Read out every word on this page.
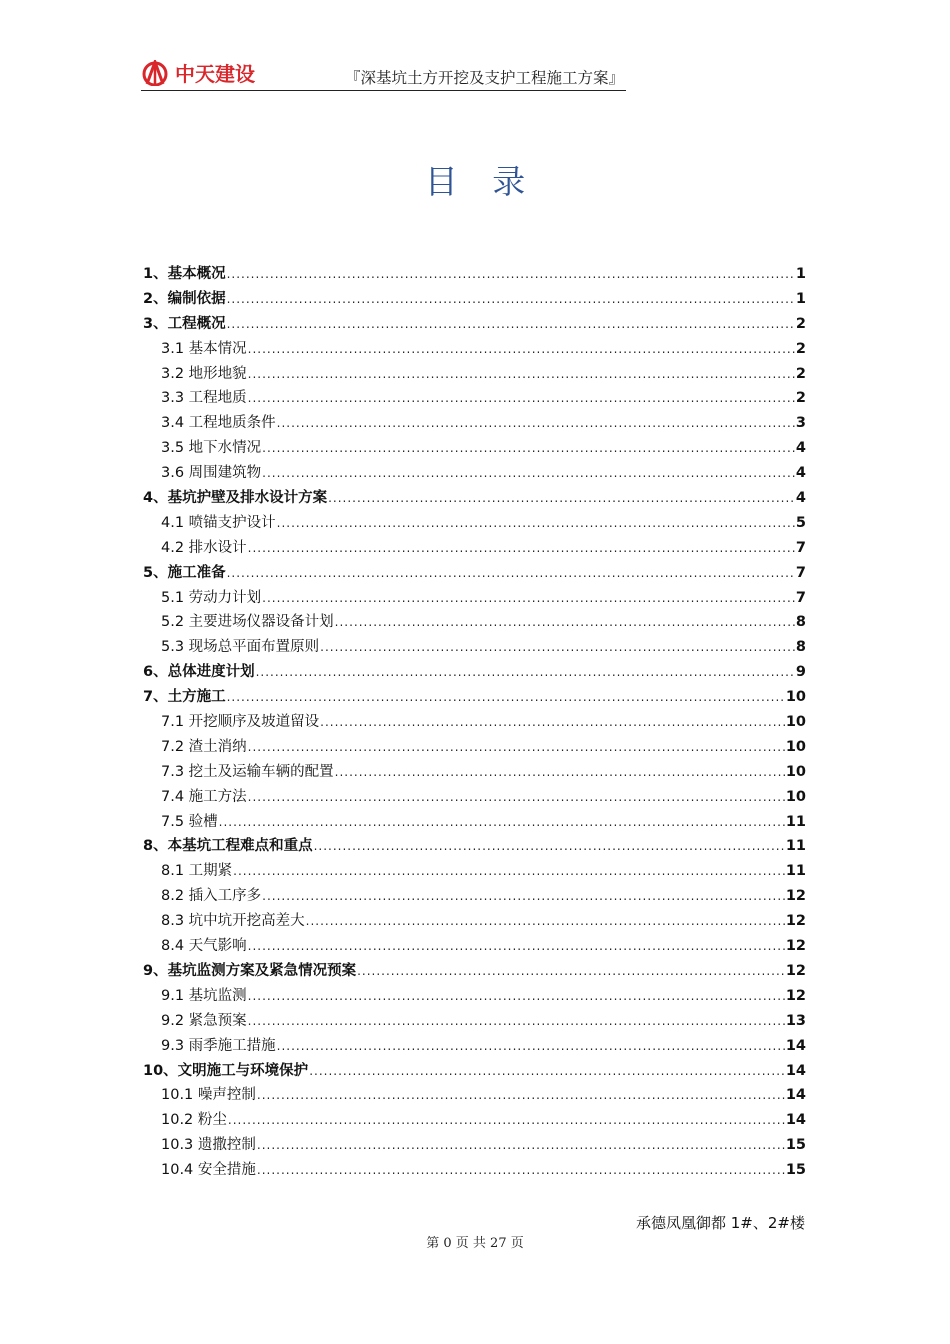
中天建设	『深基坑土方开挖及支护工程施工方案』
目 录
1、基本概况 .....	1
2、编制依据 .....	1
3、工程概况 .....	2
3.1 基本情况 .....	2
3.2 地形地貌 .....	2
3.3 工程地质 .....	2
3.4 工程地质条件 .....	3
3.5 地下水情况 .....	4
3.6 周围建筑物 .....	4
4、基坑护壁及排水设计方案 .....	4
4.1 喷锚支护设计 .....	5
4.2 排水设计 .....	7
5、施工准备 .....	7
5.1 劳动力计划 .....	7
5.2 主要进场仪器设备计划 .....	8
5.3 现场总平面布置原则 .....	8
6、总体进度计划 .....	9
7、土方施工 .....	10
7.1 开挖顺序及坡道留设 .....	10
7.2 渣土消纳 .....	10
7.3 挖土及运输车辆的配置 .....	10
7.4 施工方法 .....	10
7.5 验槽 .....	11
8、本基坑工程难点和重点 .....	11
8.1 工期紧 .....	11
8.2 插入工序多 .....	12
8.3 坑中坑开挖高差大 .....	12
8.4 天气影响 .....	12
9、基坑监测方案及紧急情况预案 .....	12
9.1 基坑监测 .....	12
9.2 紧急预案 .....	13
9.3 雨季施工措施 .....	14
10、文明施工与环境保护 .....	14
10.1 噪声控制 .....	14
10.2 粉尘 .....	14
10.3 遗撒控制 .....	15
10.4 安全措施 .....	15
承德凤凰御都 1#、2#楼
第 0 页 共 27 页
